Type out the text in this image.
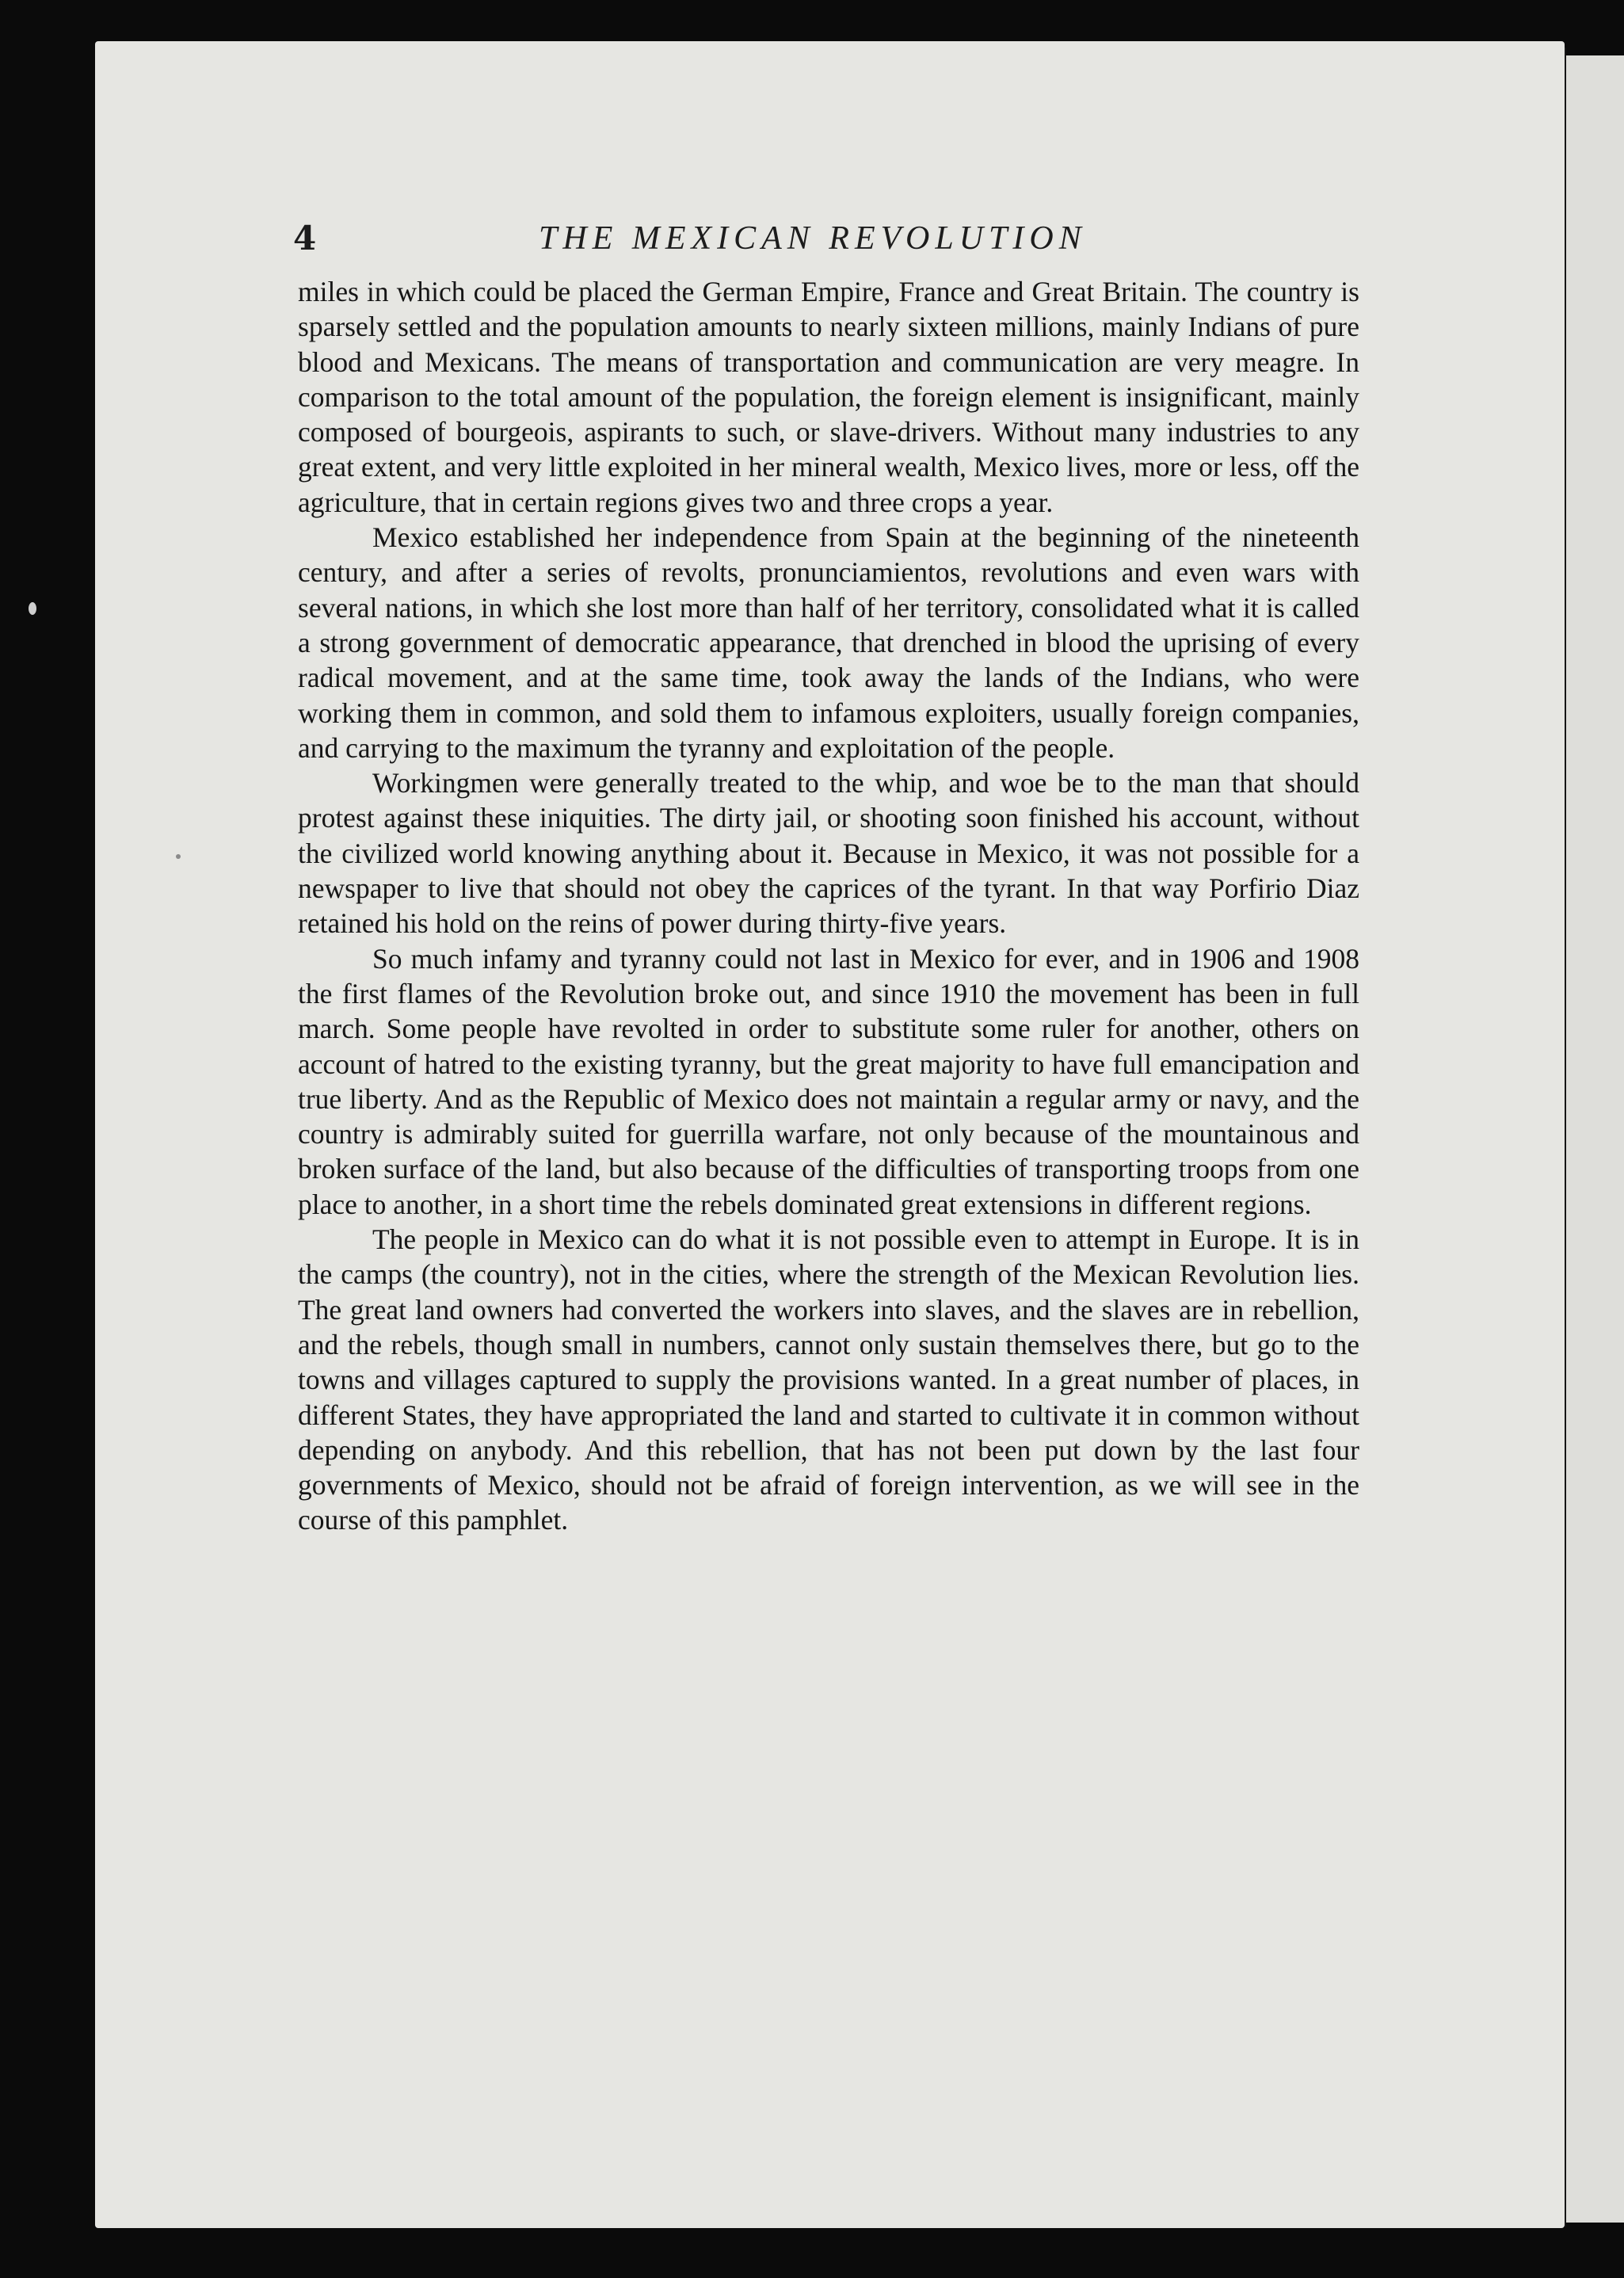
4	THE MEXICAN REVOLUTION

miles in which could be placed the German Empire, France and Great Britain. The country is sparsely settled and the population amounts to nearly sixteen millions, mainly Indians of pure blood and Mexicans. The means of transportation and communication are very meagre. In comparison to the total amount of the population, the foreign element is insignificant, mainly composed of bourgeois, aspirants to such, or slave-drivers. Without many industries to any great extent, and very little exploited in her mineral wealth, Mexico lives, more or less, off the agriculture, that in certain regions gives two and three crops a year.

Mexico established her independence from Spain at the beginning of the nineteenth century, and after a series of revolts, pronunciamientos, revolutions and even wars with several nations, in which she lost more than half of her territory, consolidated what it is called a strong government of democratic appearance, that drenched in blood the uprising of every radical movement, and at the same time, took away the lands of the Indians, who were working them in common, and sold them to infamous exploiters, usually foreign companies, and carrying to the maximum the tyranny and exploitation of the people.

Workingmen were generally treated to the whip, and woe be to the man that should protest against these iniquities. The dirty jail, or shooting soon finished his account, without the civilized world knowing anything about it. Because in Mexico, it was not possible for a newspaper to live that should not obey the caprices of the tyrant. In that way Porfirio Diaz retained his hold on the reins of power during thirty-five years.

So much infamy and tyranny could not last in Mexico for ever, and in 1906 and 1908 the first flames of the Revolution broke out, and since 1910 the movement has been in full march. Some people have revolted in order to substitute some ruler for another, others on account of hatred to the existing tyranny, but the great majority to have full emancipation and true liberty. And as the Republic of Mexico does not maintain a regular army or navy, and the country is admirably suited for guerrilla warfare, not only because of the mountainous and broken surface of the land, but also because of the difficulties of transporting troops from one place to another, in a short time the rebels dominated great extensions in different regions.

The people in Mexico can do what it is not possible even to attempt in Europe. It is in the camps (the country), not in the cities, where the strength of the Mexican Revolution lies. The great land owners had converted the workers into slaves, and the slaves are in rebellion, and the rebels, though small in numbers, cannot only sustain themselves there, but go to the towns and villages captured to supply the provisions wanted. In a great number of places, in different States, they have appropriated the land and started to cultivate it in common without depending on anybody. And this rebellion, that has not been put down by the last four governments of Mexico, should not be afraid of foreign intervention, as we will see in the course of this pamphlet.
